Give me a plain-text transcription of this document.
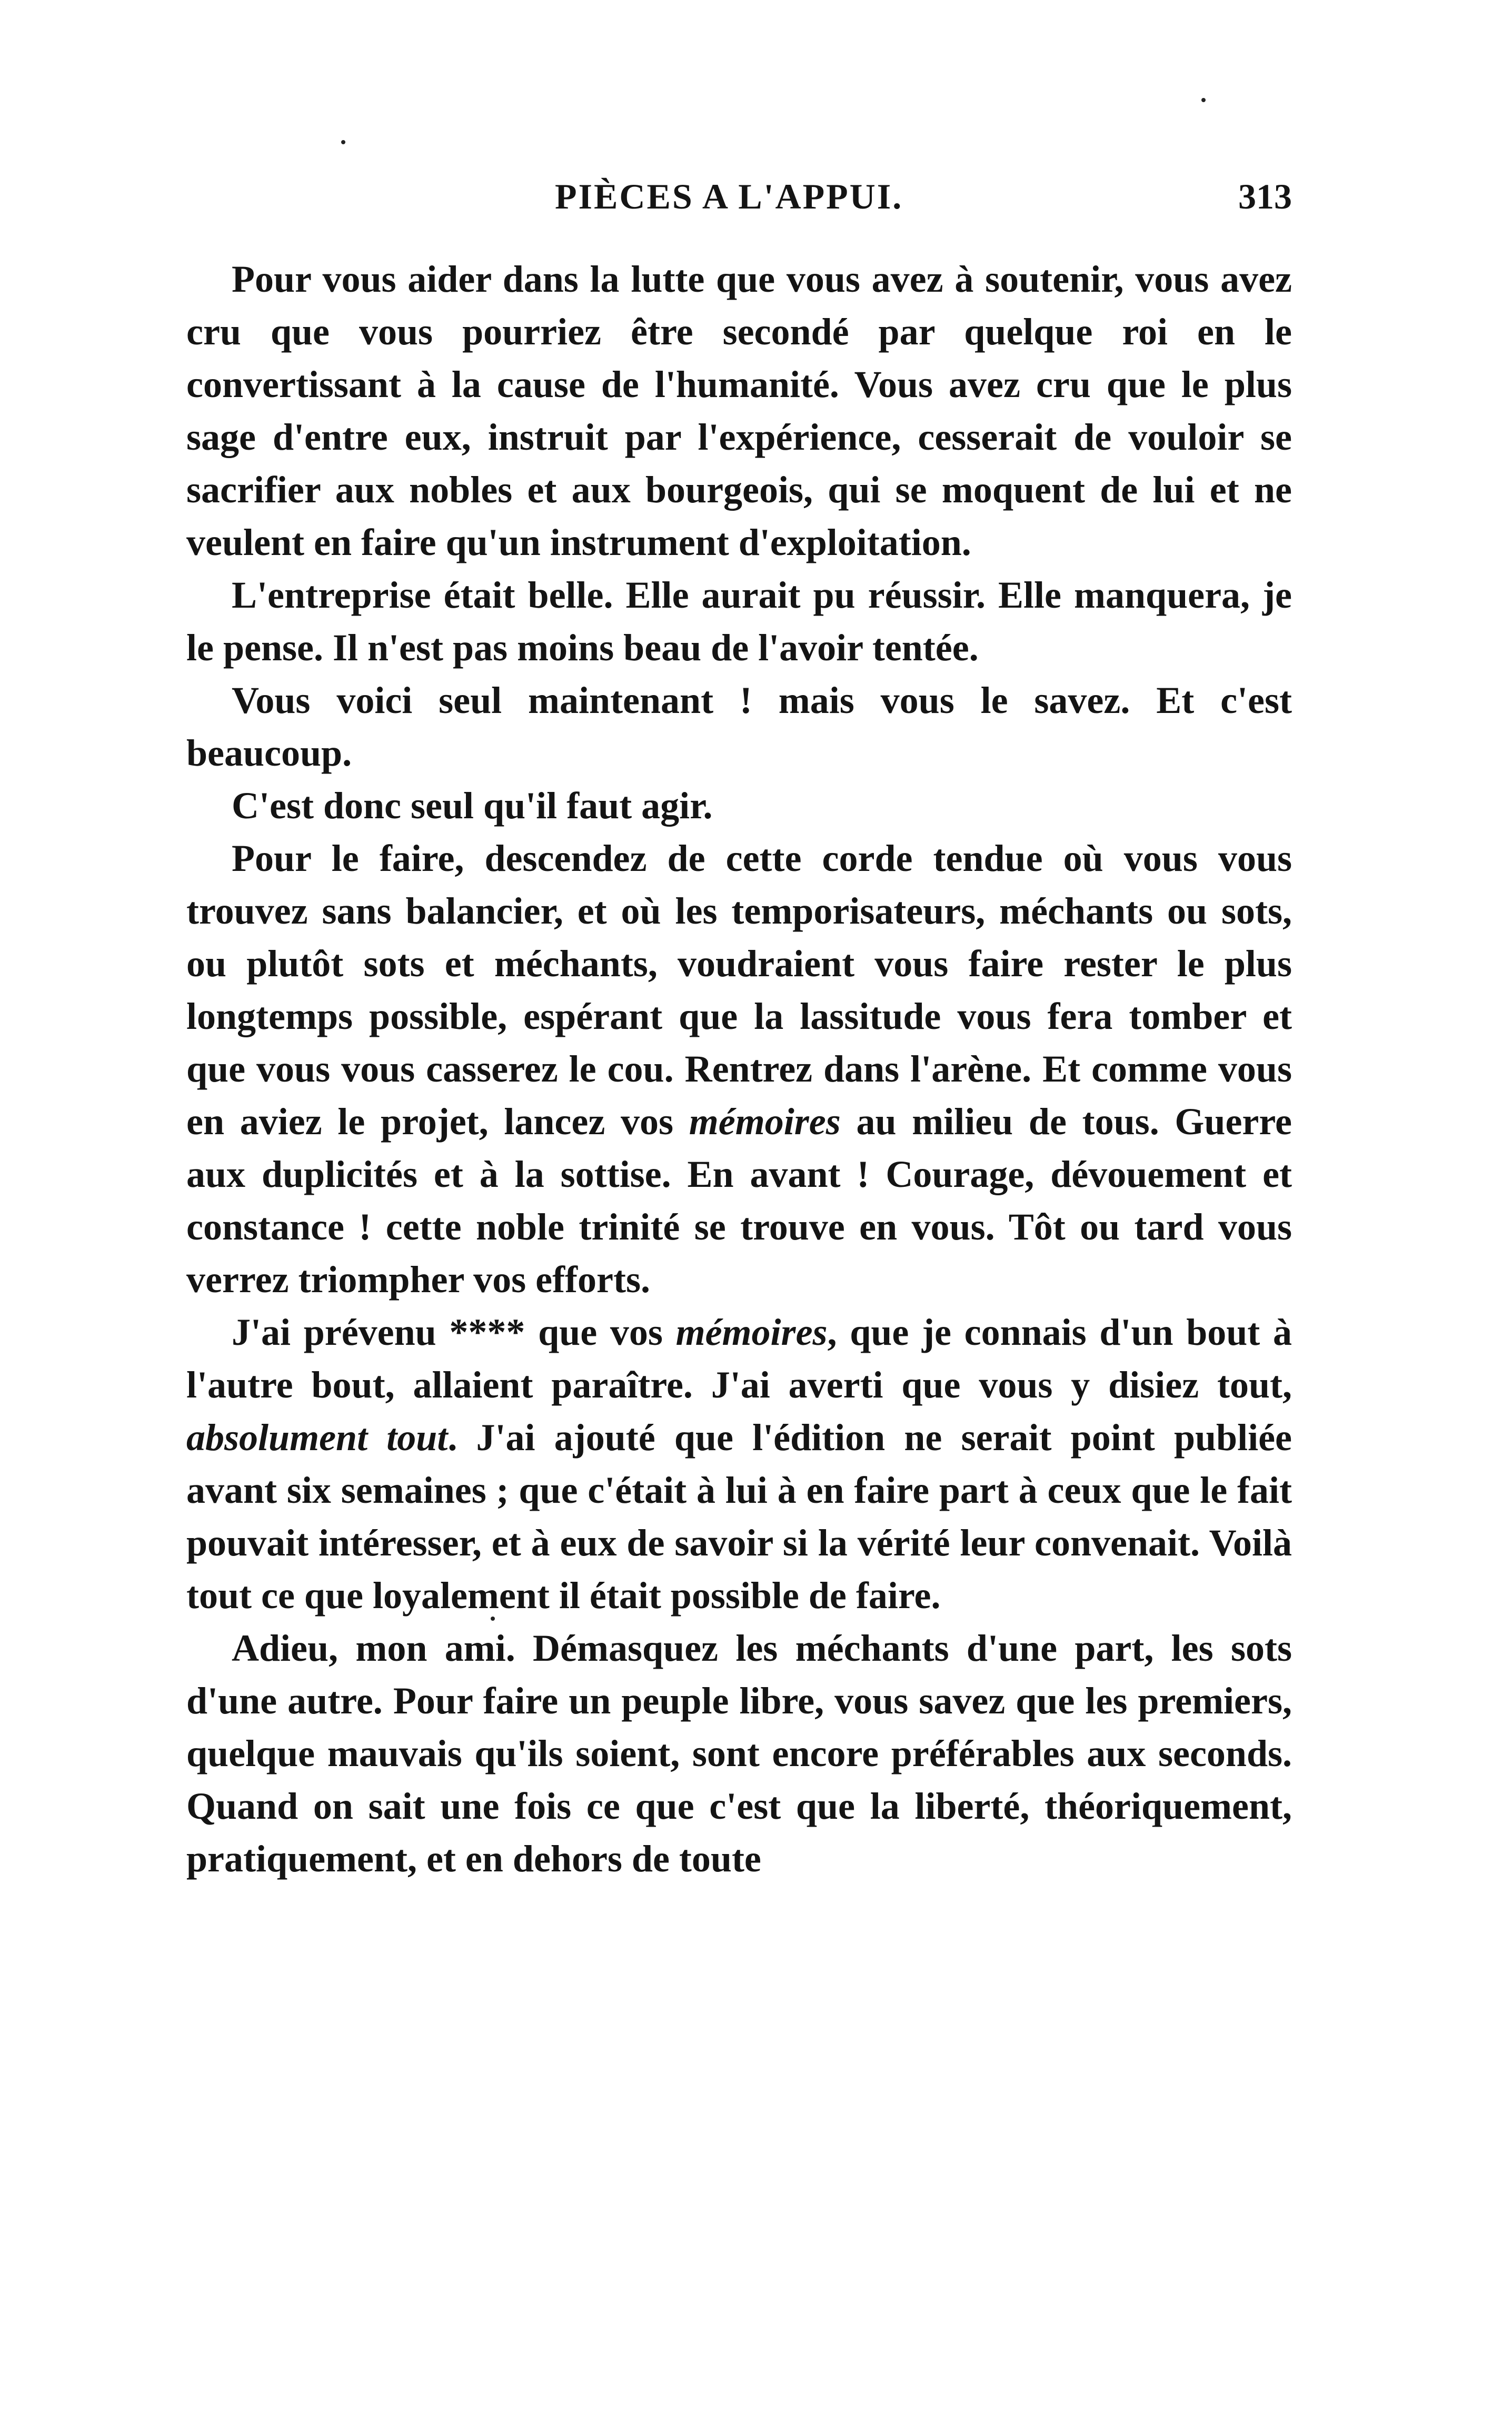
PIÈCES A L'APPUI.	313

Pour vous aider dans la lutte que vous avez à soutenir, vous avez cru que vous pourriez être secondé par quelque roi en le convertissant à la cause de l'humanité. Vous avez cru que le plus sage d'entre eux, instruit par l'expérience, cesserait de vouloir se sacrifier aux nobles et aux bourgeois, qui se moquent de lui et ne veulent en faire qu'un instrument d'exploitation.

L'entreprise était belle. Elle aurait pu réussir. Elle manquera, je le pense. Il n'est pas moins beau de l'avoir tentée.

Vous voici seul maintenant ! mais vous le savez. Et c'est beaucoup.

C'est donc seul qu'il faut agir.

Pour le faire, descendez de cette corde tendue où vous vous trouvez sans balancier, et où les temporisateurs, méchants ou sots, ou plutôt sots et méchants, voudraient vous faire rester le plus longtemps possible, espérant que la lassitude vous fera tomber et que vous vous casserez le cou. Rentrez dans l'arène. Et comme vous en aviez le projet, lancez vos mémoires au milieu de tous. Guerre aux duplicités et à la sottise. En avant ! Courage, dévouement et constance ! cette noble trinité se trouve en vous. Tôt ou tard vous verrez triompher vos efforts.

J'ai prévenu **** que vos mémoires, que je connais d'un bout à l'autre bout, allaient paraître. J'ai averti que vous y disiez tout, absolument tout. J'ai ajouté que l'édition ne serait point publiée avant six semaines ; que c'était à lui à en faire part à ceux que le fait pouvait intéresser, et à eux de savoir si la vérité leur convenait. Voilà tout ce que loyalement il était possible de faire.

Adieu, mon ami. Démasquez les méchants d'une part, les sots d'une autre. Pour faire un peuple libre, vous savez que les premiers, quelque mauvais qu'ils soient, sont encore préférables aux seconds. Quand on sait une fois ce que c'est que la liberté, théoriquement, pratiquement, et en dehors de toute
